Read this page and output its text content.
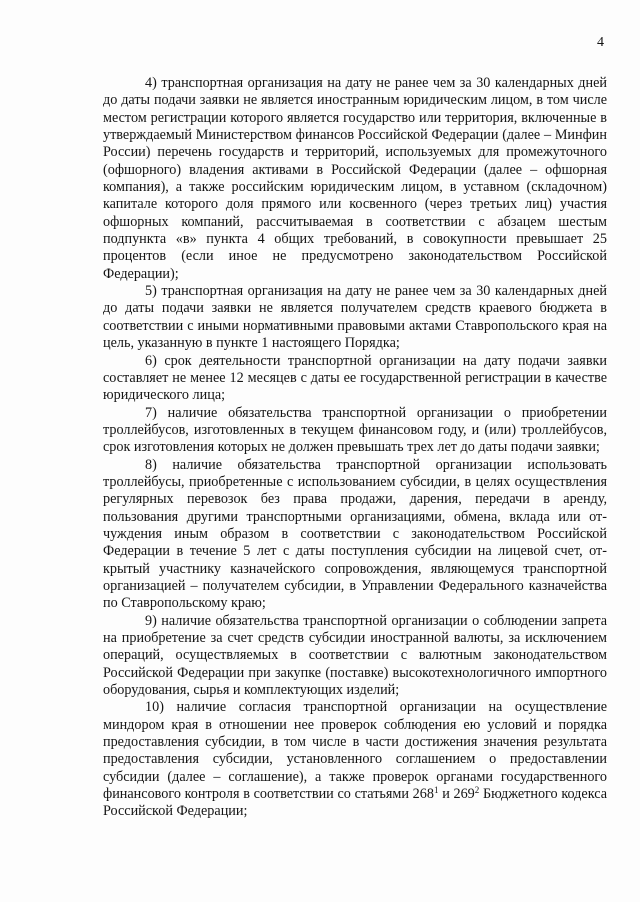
4

4) транспортная организация на дату не ранее чем за 30 календарных дней до даты подачи заявки не является иностранным юридическим лицом, в том числе местом регистрации которого является государство или территория, включенные в утверждаемый Министерством финансов Российской Федерации (далее – Минфин России) перечень государств и территорий, используемых для промежуточного (офшорного) владения активами в Российской Федерации (далее – офшорная компания), а также российским юридическим лицом, в уставном (складочном) капитале которого доля прямого или косвенного (через третьих лиц) участия офшорных компаний, рассчитываемая в соответствии с абзацем шестым подпункта «в» пункта 4 общих требований, в совокупности превышает 25 процентов (если иное не предусмотрено законодательством Российской Федерации);

5) транспортная организация на дату не ранее чем за 30 календарных дней до даты подачи заявки не является получателем средств краевого бюджета в соответствии с иными нормативными правовыми актами Ставропольского края на цель, указанную в пункте 1 настоящего Порядка;

6) срок деятельности транспортной организации на дату подачи заявки составляет не менее 12 месяцев с даты ее государственной регистрации в качестве юридического лица;

7) наличие обязательства транспортной организации о приобретении троллейбусов, изготовленных в текущем финансовом году, и (или) троллейбусов, срок изготовления которых не должен превышать трех лет до даты подачи заявки;

8) наличие обязательства транспортной организации использовать троллейбусы, приобретенные с использованием субсидии, в целях осуществления регулярных перевозок без права продажи, дарения, передачи в аренду, пользования другими транспортными организациями, обмена, вклада или отчуждения иным образом в соответствии с законодательством Российской Федерации в течение 5 лет с даты поступления субсидии на лицевой счет, открытый участнику казначейского сопровождения, являющемуся транспортной организацией – получателем субсидии, в Управлении Федерального казначейства по Ставропольскому краю;

9) наличие обязательства транспортной организации о соблюдении запрета на приобретение за счет средств субсидии иностранной валюты, за исключением операций, осуществляемых в соответствии с валютным законодательством Российской Федерации при закупке (поставке) высокотехнологичного импортного оборудования, сырья и комплектующих изделий;

10) наличие согласия транспортной организации на осуществление миндором края в отношении нее проверок соблюдения ею условий и порядка предоставления субсидии, в том числе в части достижения значения результата предоставления субсидии, установленного соглашением о предоставлении субсидии (далее – соглашение), а также проверок органами государственного финансового контроля в соответствии со статьями $268^1$ и $269^2$ Бюджетного кодекса Российской Федерации;
